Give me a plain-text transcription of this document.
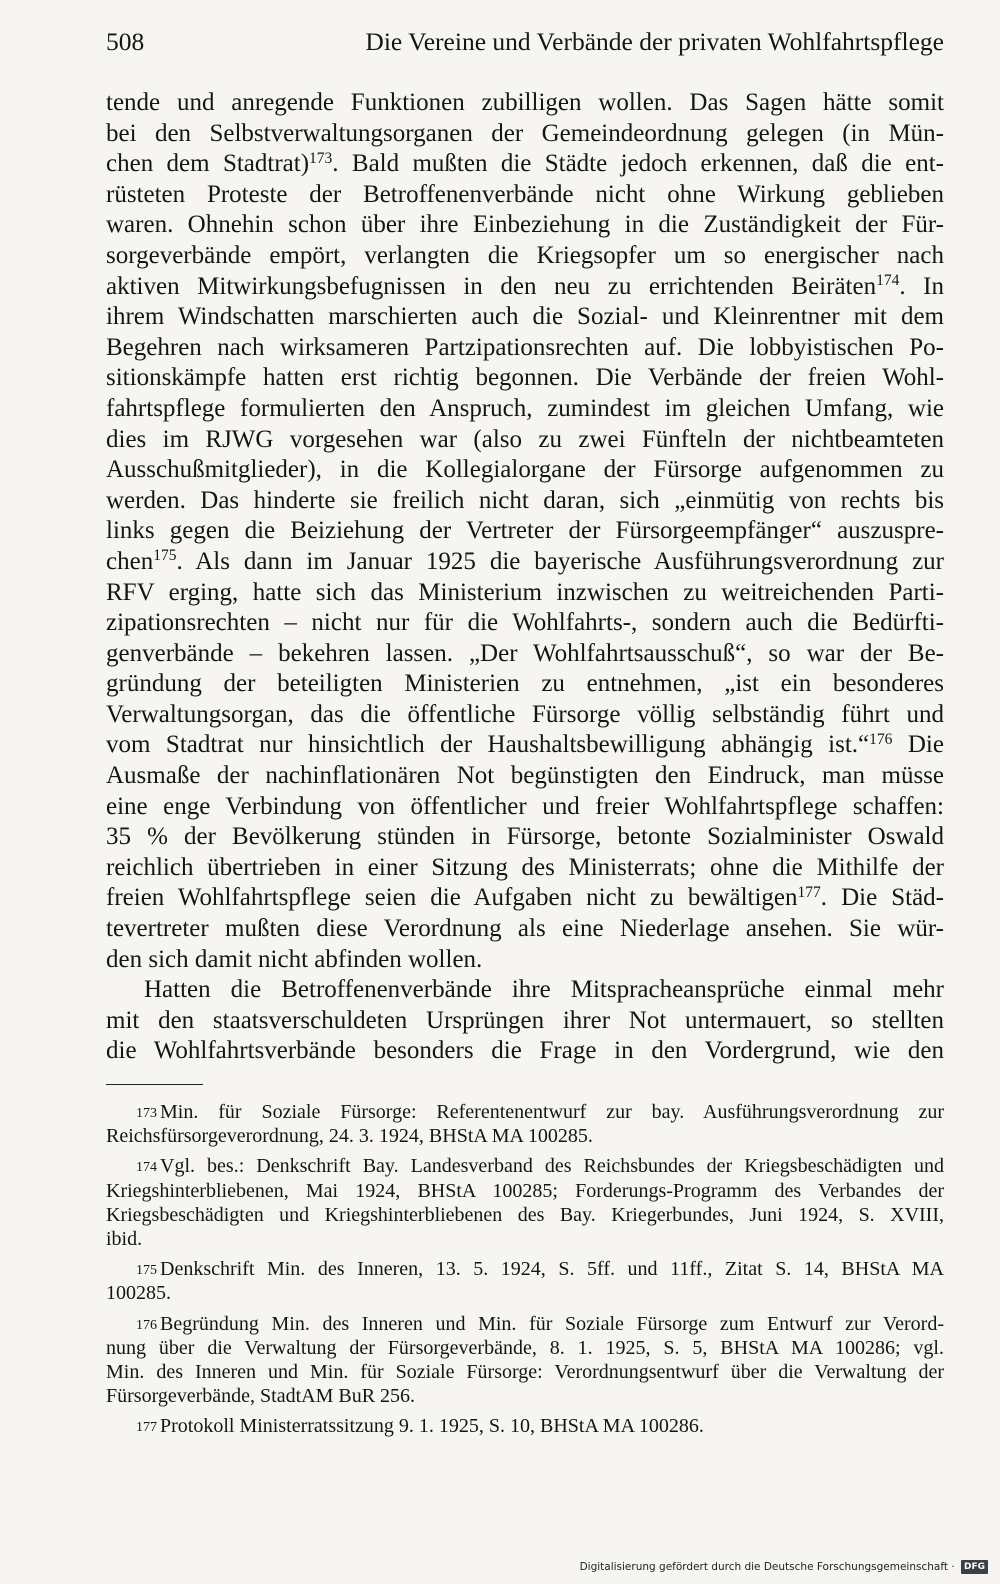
508	Die Vereine und Verbände der privaten Wohlfahrtspflege
tende und anregende Funktionen zubilligen wollen. Das Sagen hätte somit
bei den Selbstverwaltungsorganen der Gemeindeordnung gelegen (in Mün-
chen dem Stadtrat)$^{173}$. Bald mußten die Städte jedoch erkennen, daß die ent-
rüsteten Proteste der Betroffenenverbände nicht ohne Wirkung geblieben
waren. Ohnehin schon über ihre Einbeziehung in die Zuständigkeit der Für-
sorgeverbände empört, verlangten die Kriegsopfer um so energischer nach
aktiven Mitwirkungsbefugnissen in den neu zu errichtenden Beiräten$^{174}$. In
ihrem Windschatten marschierten auch die Sozial- und Kleinrentner mit dem
Begehren nach wirksameren Partzipationsrechten auf. Die lobbyistischen Po-
sitionskämpfe hatten erst richtig begonnen. Die Verbände der freien Wohl-
fahrtspflege formulierten den Anspruch, zumindest im gleichen Umfang, wie
dies im RJWG vorgesehen war (also zu zwei Fünfteln der nichtbeamteten
Ausschußmitglieder), in die Kollegialorgane der Fürsorge aufgenommen zu
werden. Das hinderte sie freilich nicht daran, sich „einmütig von rechts bis
links gegen die Beiziehung der Vertreter der Fürsorgeempfänger“ auszuspre-
chen$^{175}$. Als dann im Januar 1925 die bayerische Ausführungsverordnung zur
RFV erging, hatte sich das Ministerium inzwischen zu weitreichenden Parti-
zipationsrechten – nicht nur für die Wohlfahrts-, sondern auch die Bedürfti-
genverbände – bekehren lassen. „Der Wohlfahrtsausschuß“, so war der Be-
gründung der beteiligten Ministerien zu entnehmen, „ist ein besonderes
Verwaltungsorgan, das die öffentliche Fürsorge völlig selbständig führt und
vom Stadtrat nur hinsichtlich der Haushaltsbewilligung abhängig ist.“$^{176}$ Die
Ausmaße der nachinflationären Not begünstigten den Eindruck, man müsse
eine enge Verbindung von öffentlicher und freier Wohlfahrtspflege schaffen:
35 % der Bevölkerung stünden in Fürsorge, betonte Sozialminister Oswald
reichlich übertrieben in einer Sitzung des Ministerrats; ohne die Mithilfe der
freien Wohlfahrtspflege seien die Aufgaben nicht zu bewältigen$^{177}$. Die Städ-
tevertreter mußten diese Verordnung als eine Niederlage ansehen. Sie wür-
den sich damit nicht abfinden wollen.
Hatten die Betroffenenverbände ihre Mitspracheansprüche einmal mehr
mit den staatsverschuldeten Ursprüngen ihrer Not untermauert, so stellten
die Wohlfahrtsverbände besonders die Frage in den Vordergrund, wie den
173 Min. für Soziale Fürsorge: Referentenentwurf zur bay. Ausführungsverordnung zur
Reichsfürsorgeverordnung, 24. 3. 1924, BHStA MA 100285.
174 Vgl. bes.: Denkschrift Bay. Landesverband des Reichsbundes der Kriegsbeschädigten und
Kriegshinterbliebenen, Mai 1924, BHStA 100285; Forderungs-Programm des Verbandes der
Kriegsbeschädigten und Kriegshinterbliebenen des Bay. Kriegerbundes, Juni 1924, S. XVIII,
ibid.
175 Denkschrift Min. des Inneren, 13. 5. 1924, S. 5ff. und 11ff., Zitat S. 14, BHStA MA
100285.
176 Begründung Min. des Inneren und Min. für Soziale Fürsorge zum Entwurf zur Verord-
nung über die Verwaltung der Fürsorgeverbände, 8. 1. 1925, S. 5, BHStA MA 100286; vgl.
Min. des Inneren und Min. für Soziale Fürsorge: Verordnungsentwurf über die Verwaltung der
Fürsorgeverbände, StadtAM BuR 256.
177 Protokoll Ministerratssitzung 9. 1. 1925, S. 10, BHStA MA 100286.
Digitalisierung gefördert durch die Deutsche Forschungsgemeinschaft · DFG
